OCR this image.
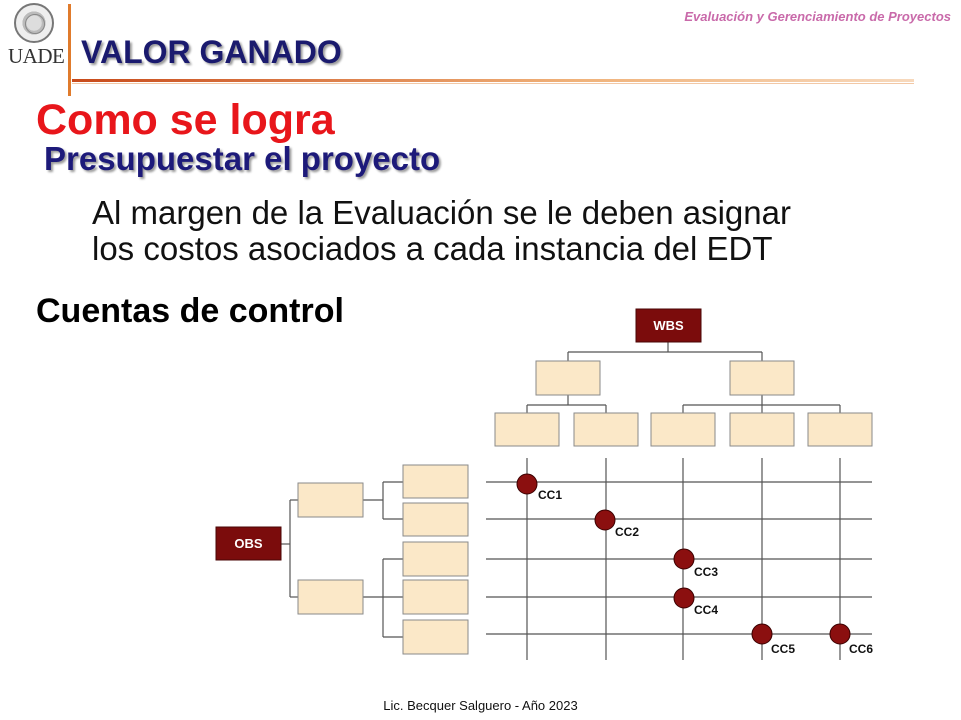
UADE
Evaluación y Gerenciamiento de Proyectos
VALOR GANADO
Como se logra
Presupuestar el proyecto
Al margen de la Evaluación se le deben asignar
los costos asociados a cada instancia del EDT
Cuentas de control	WBS
OBS
CC1
CC2
CC3
CC4
CC5	CC6
Lic. Becquer Salguero - Año 2023
